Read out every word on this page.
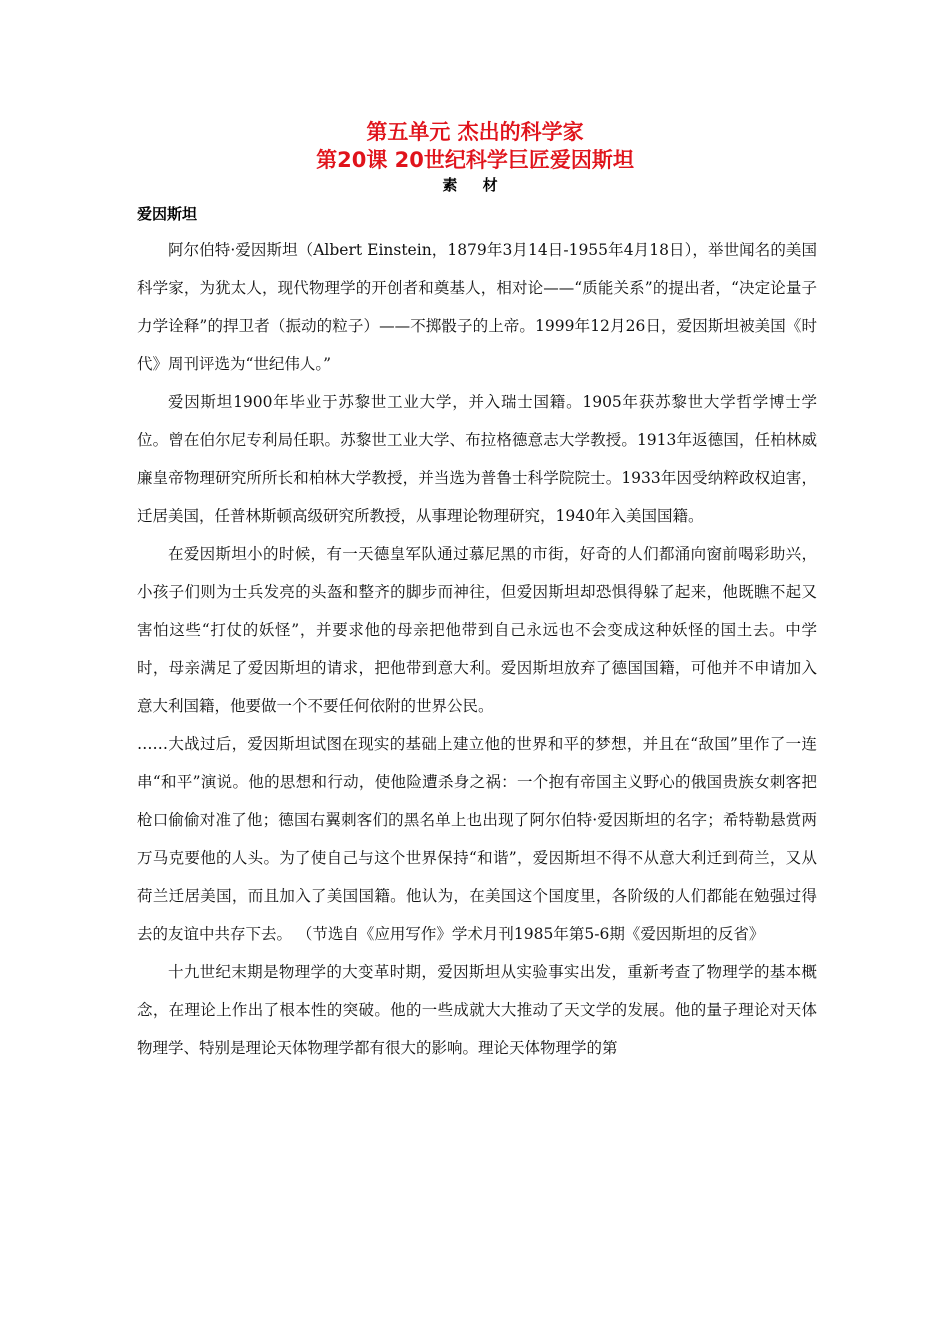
第五单元 杰出的科学家

第20课 20世纪科学巨匠爱因斯坦

素 材

爱因斯坦

阿尔伯特·爱因斯坦（Albert Einstein，1879年3月14日-1955年4月18日），举世闻名的美国科学家，为犹太人，现代物理学的开创者和奠基人，相对论——“质能关系”的提出者，“决定论量子力学诠释”的捍卫者（振动的粒子）——不掷骰子的上帝。1999年12月26日，爱因斯坦被美国《时代》周刊评选为“世纪伟人。”

爱因斯坦1900年毕业于苏黎世工业大学，并入瑞士国籍。1905年获苏黎世大学哲学博士学位。曾在伯尔尼专利局任职。苏黎世工业大学、布拉格德意志大学教授。1913年返德国，任柏林威廉皇帝物理研究所所长和柏林大学教授，并当选为普鲁士科学院院士。1933年因受纳粹政权迫害，迁居美国，任普林斯顿高级研究所教授，从事理论物理研究，1940年入美国国籍。

在爱因斯坦小的时候，有一天德皇军队通过慕尼黑的市街，好奇的人们都涌向窗前喝彩助兴，小孩子们则为士兵发亮的头盔和整齐的脚步而神往，但爱因斯坦却恐惧得躲了起来，他既瞧不起又害怕这些“打仗的妖怪”，并要求他的母亲把他带到自己永远也不会变成这种妖怪的国土去。中学时，母亲满足了爱因斯坦的请求，把他带到意大利。爱因斯坦放弃了德国国籍，可他并不申请加入意大利国籍，他要做一个不要任何依附的世界公民。

……大战过后，爱因斯坦试图在现实的基础上建立他的世界和平的梦想，并且在“敌国”里作了一连串“和平”演说。他的思想和行动，使他险遭杀身之祸：一个抱有帝国主义野心的俄国贵族女刺客把枪口偷偷对准了他；德国右翼刺客们的黑名单上也出现了阿尔伯特·爱因斯坦的名字；希特勒悬赏两万马克要他的人头。为了使自己与这个世界保持“和谐”，爱因斯坦不得不从意大利迁到荷兰，又从荷兰迁居美国，而且加入了美国国籍。他认为，在美国这个国度里，各阶级的人们都能在勉强过得去的友谊中共存下去。 （节选自《应用写作》学术月刊1985年第5-6期《爱因斯坦的反省》

十九世纪末期是物理学的大变革时期，爱因斯坦从实验事实出发，重新考查了物理学的基本概念，在理论上作出了根本性的突破。他的一些成就大大推动了天文学的发展。他的量子理论对天体物理学、特别是理论天体物理学都有很大的影响。理论天体物理学的第
